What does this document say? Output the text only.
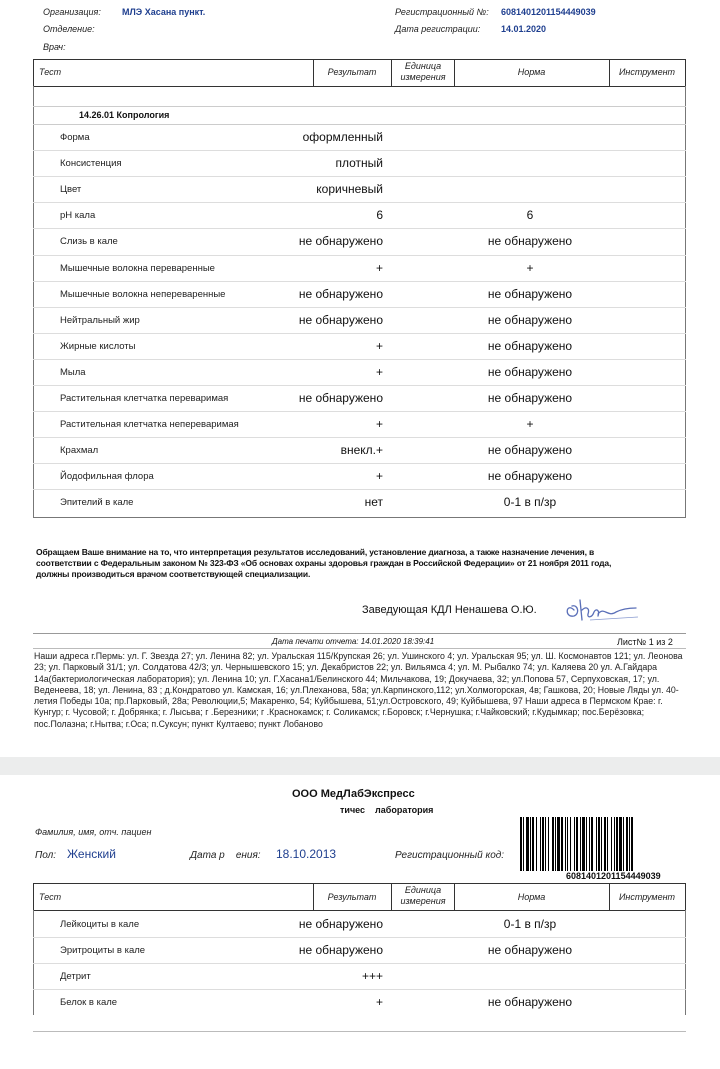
Организация: МЛЭ Хасана пункт.
Отделение:
Врач:
Регистрационный №: 6081401201154449039
Дата регистрации: 14.01.2020
Тест	Результат
Единица измерения	Норма	Инструмент
14.26.01 Копрология
Форма	оформленный
Консистенция	плотный
Цвет	коричневый
pH кала	6	6
Слизь в кале	не обнаружено	не обнаружено
Мышечные волокна переваренные	+	+
Мышечные волокна непереваренные	не обнаружено	не обнаружено
Нейтральный жир	не обнаружено	не обнаружено
Жирные кислоты	+	не обнаружено
Мыла	+	не обнаружено
Растительная клетчатка переваримая	не обнаружено	не обнаружено
Растительная клетчатка непереваримая	+	+
Крахмал	внекл.+	не обнаружено
Йодофильная флора	+	не обнаружено
Эпителий в кале	нет	0-1 в п/зр
Обращаем Ваше внимание на то, что интерпретация результатов исследований, установление диагноза, а также назначение лечения, в соответствии с Федеральным законом № 323-ФЗ «Об основах охраны здоровья граждан в Российской Федерации» от 21 ноября 2011 года, должны производиться врачом соответствующей специализации.
Заведующая КДЛ Ненашева О.Ю.
Дата печати отчета: 14.01.2020 18:39:41	Лист№ 1 из 2
Наши адреса г.Пермь: ул. Г. Звезда 27; ул. Ленина 82; ул. Уральская 115/Крупская 26; ул. Ушинского 4; ул. Уральская 95; ул. Ш. Космонавтов 121; ул. Леонова 23; ул. Парковый 31/1; ул. Солдатова 42/3; ул. Чернышевского 15; ул. Декабристов 22; ул. Вильямса 4; ул. М. Рыбалко 74; ул. Каляева 20 ул. А.Гайдара 14а(бактериологическая лаборатория); ул. Ленина 10; ул. Г.Хасана1/Белинского 44; Мильчакова, 19; Докучаева, 32; ул.Попова 57, Серпуховская, 17; ул. Веденеева, 18; ул. Ленина, 83 ; д.Кондратово ул. Камская, 16; ул.Плеханова, 58а; ул.Карпинского,112; ул.Холмогорская, 4в; Гашкова, 20; Новые Ляды ул. 40-летия Победы 10а; пр.Парковый, 28а; Революции,5; Макаренко, 54; Куйбышева, 51;ул.Островского, 49; Куйбышева, 97 Наши адреса в Пермском Крае: г. Кунгур; г. Чусовой; г. Добрянка; г. Лысьва; г .Березники; г .Краснокамск; г. Соликамск; г.Боровск; г.Чернушка; г.Чайковский; г.Кудымкар; пос.Берёзовка; пос.Полазна; г.Нытва; г.Оса; п.Суксун; пункт Култаево; пункт Лобаново
ООО МедЛабЭкспресс
тичес    лаборатория
Фамилия, имя, отч. пациен
Пол: Женский	Дата р    ения: 18.10.2013	Регистрационный код:
6081401201154449039
Тест	Результат
Единица измерения	Норма	Инструмент
Лейкоциты в кале	не обнаружено	0-1 в п/зр
Эритроциты в кале	не обнаружено	не обнаружено
Детрит	+++
Белок в кале	+	не обнаружено
